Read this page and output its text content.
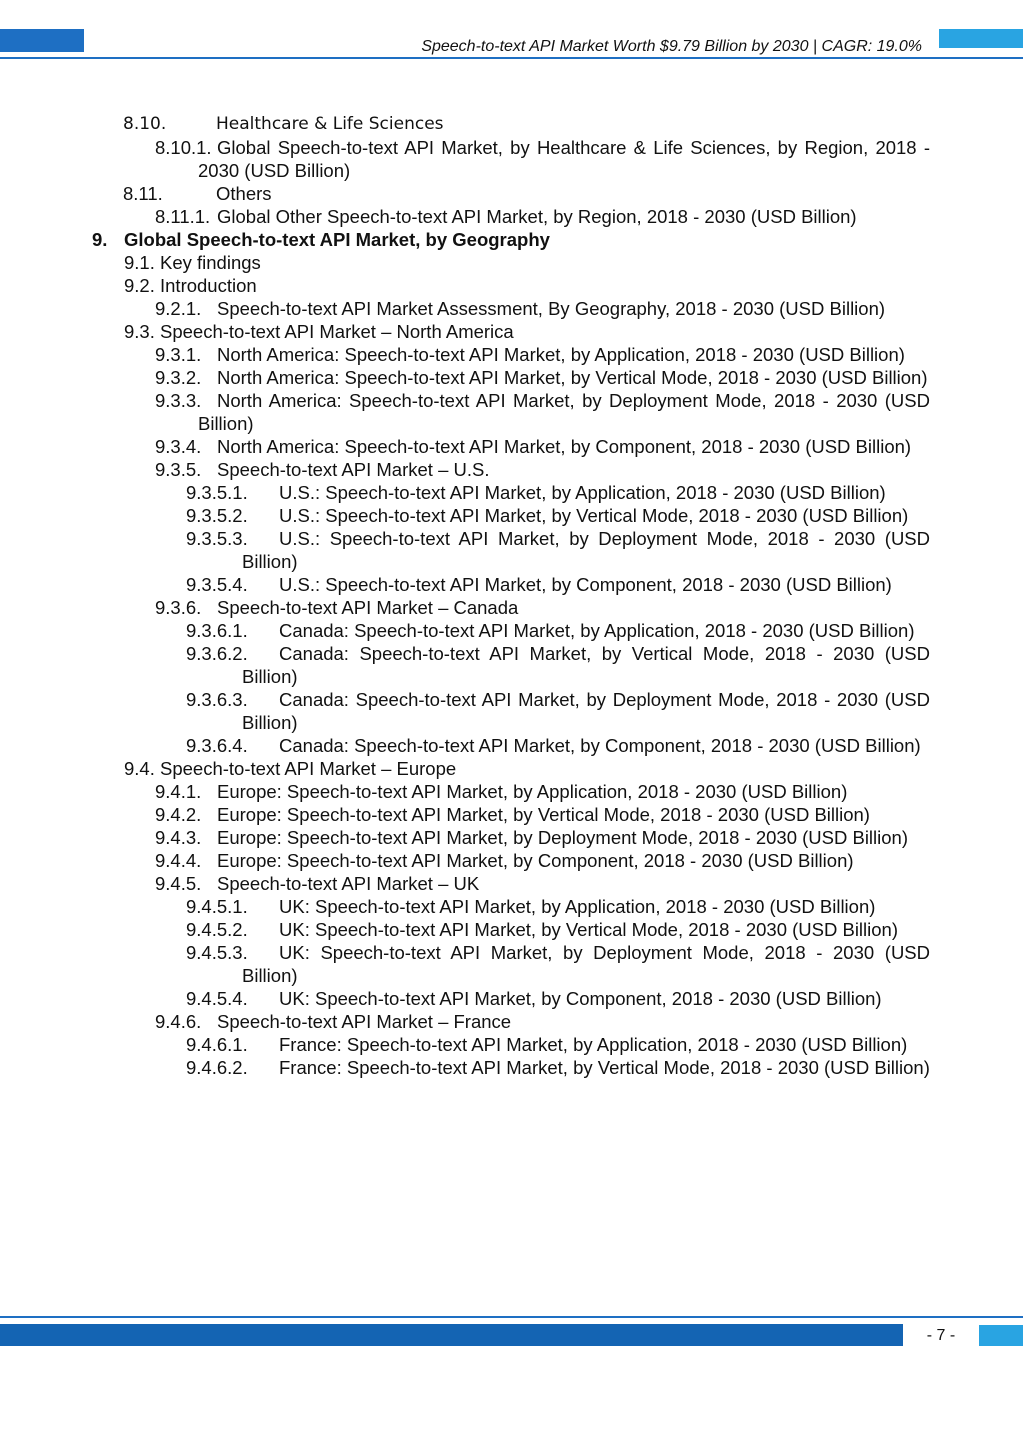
Speech-to-text API Market Worth $9.79 Billion by 2030 | CAGR: 19.0%
8.10.	Healthcare & Life Sciences
8.10.1. Global Speech-to-text API Market, by Healthcare & Life Sciences, by Region, 2018 - 2030 (USD Billion)
8.11.	Others
8.11.1. Global Other Speech-to-text API Market, by Region, 2018 - 2030 (USD Billion)
9. Global Speech-to-text API Market, by Geography
9.1. Key findings
9.2. Introduction
9.2.1. Speech-to-text API Market Assessment, By Geography, 2018 - 2030 (USD Billion)
9.3. Speech-to-text API Market – North America
9.3.1. North America: Speech-to-text API Market, by Application, 2018 - 2030 (USD Billion)
9.3.2. North America: Speech-to-text API Market, by Vertical Mode, 2018 - 2030 (USD Billion)
9.3.3. North America: Speech-to-text API Market, by Deployment Mode, 2018 - 2030 (USD Billion)
9.3.4. North America: Speech-to-text API Market, by Component, 2018 - 2030 (USD Billion)
9.3.5. Speech-to-text API Market – U.S.
9.3.5.1.	U.S.: Speech-to-text API Market, by Application, 2018 - 2030 (USD Billion)
9.3.5.2.	U.S.: Speech-to-text API Market, by Vertical Mode, 2018 - 2030 (USD Billion)
9.3.5.3.	U.S.: Speech-to-text API Market, by Deployment Mode, 2018 - 2030 (USD Billion)
9.3.5.4.	U.S.: Speech-to-text API Market, by Component, 2018 - 2030 (USD Billion)
9.3.6. Speech-to-text API Market – Canada
9.3.6.1.	Canada: Speech-to-text API Market, by Application, 2018 - 2030 (USD Billion)
9.3.6.2.	Canada: Speech-to-text API Market, by Vertical Mode, 2018 - 2030 (USD Billion)
9.3.6.3.	Canada: Speech-to-text API Market, by Deployment Mode, 2018 - 2030 (USD Billion)
9.3.6.4.	Canada: Speech-to-text API Market, by Component, 2018 - 2030 (USD Billion)
9.4. Speech-to-text API Market – Europe
9.4.1. Europe: Speech-to-text API Market, by Application, 2018 - 2030 (USD Billion)
9.4.2. Europe: Speech-to-text API Market, by Vertical Mode, 2018 - 2030 (USD Billion)
9.4.3. Europe: Speech-to-text API Market, by Deployment Mode, 2018 - 2030 (USD Billion)
9.4.4. Europe: Speech-to-text API Market, by Component, 2018 - 2030 (USD Billion)
9.4.5. Speech-to-text API Market – UK
9.4.5.1.	UK: Speech-to-text API Market, by Application, 2018 - 2030 (USD Billion)
9.4.5.2.	UK: Speech-to-text API Market, by Vertical Mode, 2018 - 2030 (USD Billion)
9.4.5.3.	UK: Speech-to-text API Market, by Deployment Mode, 2018 - 2030 (USD Billion)
9.4.5.4.	UK: Speech-to-text API Market, by Component, 2018 - 2030 (USD Billion)
9.4.6. Speech-to-text API Market – France
9.4.6.1.	France: Speech-to-text API Market, by Application, 2018 - 2030 (USD Billion)
9.4.6.2.	France: Speech-to-text API Market, by Vertical Mode, 2018 - 2030 (USD Billion)
- 7 -
